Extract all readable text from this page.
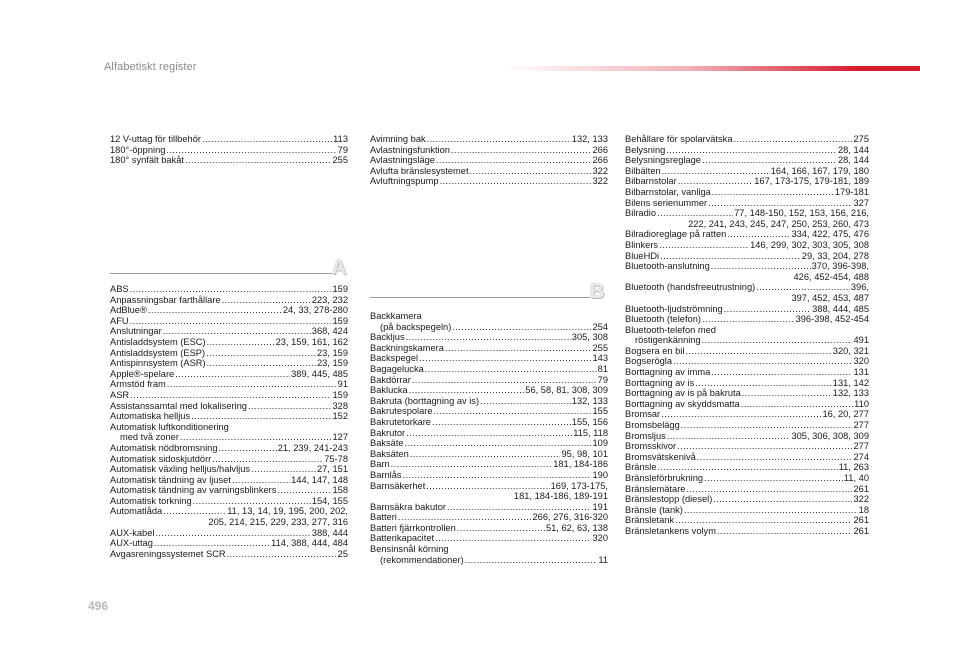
Alfabetiskt register
12 V-uttag för tillbehör .....	113
180°-öppning .....	79
180° synfält bakåt .....	255
A
ABS .....	159
Anpassningsbar farthållare .....	223, 232
AdBlue® .....	24, 33, 278-280
AFU .....	159
Anslutningar .....	368, 424
Antisladdsystem (ESC) .....	23, 159, 161, 162
Antisladdsystem (ESP) .....	23, 159
Antispinnsystem (ASR) .....	23, 159
Apple®-spelare .....	389, 445, 485
Armstöd fram .....	91
ASR .....	159
Assistanssamtal med lokalisering .....	328
Automatiska helljus .....	152
Automatisk luftkonditionering
med två zoner .....	127
Automatisk nödbromsning .....	21, 239, 241-243
Automatisk sidoskjutdörr .....	75-78
Automatisk växling helljus/halvljus .....	27, 151
Automatisk tändning av ljuset .....	144, 147, 148
Automatisk tändning av varningsblinkers .....	158
Automatisk torkning .....	154, 155
Automatlåda .....	11, 13, 14, 19, 195, 200, 202,
205, 214, 215, 229, 233, 277, 316
AUX-kabel .....	388, 444
AUX-uttag .....	114, 388, 444, 484
Avgasreningssystemet SCR .....	25
Avimning bak .....	132, 133
Avlastningsfunktion .....	266
Avlastningsläge .....	266
Avlufta bränslesystemet .....	322
Avluftningspump .....	322
B
Backkamera
(på backspegeln) .....	254
Backljus .....	305, 308
Backningskamera .....	255
Backspegel .....	143
Bagagelucka .....	81
Bakdörrar .....	79
Baklucka .....	56, 58, 81, 308, 309
Bakruta (borttagning av is) .....	132, 133
Bakrutespolare .....	155
Bakrutetorkare .....	155, 156
Bakrutor .....	115, 118
Baksäte .....	109
Baksäten .....	95, 98, 101
Barn .....	181, 184-186
Barnlås .....	190
Barnsäkerhet .....	169, 173-175,
181, 184-186, 189-191
Barnsäkra bakutor .....	191
Batteri .....	266, 276, 316-320
Batteri fjärrkontrollen .....	51, 62, 63, 138
Batterikapacitet .....	320
Bensinsnål körning
(rekommendationer) .....	11
Behållare för spolarvätska .....	275
Belysning .....	28, 144
Belysningsreglage .....	28, 144
Bilbälten .....	164, 166, 167, 179, 180
Bilbarnstolar .....	167, 173-175, 179-181, 189
Bilbarnstolar, vanliga .....	179-181
Bilens serienummer .....	327
Bilradio .....	77, 148-150, 152, 153, 156, 216,
222, 241, 243, 245, 247, 250, 253, 260, 473
Bilradioreglage på ratten .....	334, 422, 475, 476
Blinkers .....	146, 299, 302, 303, 305, 308
BlueHDi .....	29, 33, 204, 278
Bluetooth-anslutning .....	370, 396-398,
426, 452-454, 488
Bluetooth (handsfreeutrustning) .....	396,
397, 452, 453, 487
Bluetooth-ljudströmning .....	388, 444, 485
Bluetooth (telefon) .....	396-398, 452-454
Bluetooth-telefon med
röstigenkänning .....	491
Bogsera en bil .....	320, 321
Bogserögla .....	320
Borttagning av imma .....	131
Borttagning av is .....	131, 142
Borttagning av is på bakruta .....	132, 133
Borttagning av skyddsmatta .....	110
Bromsar .....	16, 20, 277
Bromsbelägg .....	277
Bromsljus .....	305, 306, 308, 309
Bromsskivor .....	277
Bromsvätskenivå .....	274
Bränsle .....	11, 263
Bränsleförbrukning .....	11, 40
Bränslemätare .....	261
Bränslestopp (diesel) .....	322
Bränsle (tank) .....	18
Bränsletank .....	261
Bränsletankens volym .....	261
496
